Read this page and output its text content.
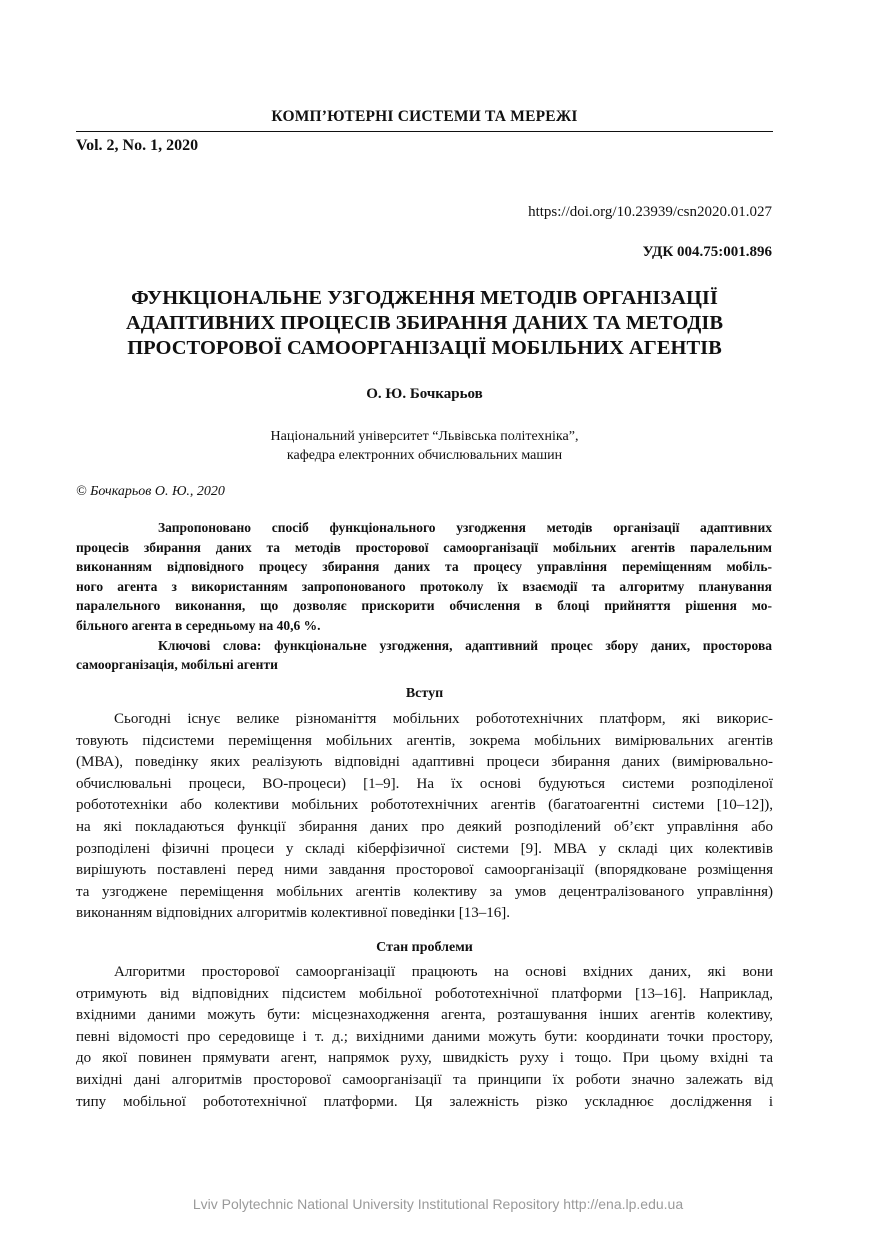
КОМП’ЮТЕРНІ СИСТЕМИ ТА МЕРЕЖІ
Vol. 2, No. 1, 2020
https://doi.org/10.23939/csn2020.01.027
УДК 004.75:001.896
ФУНКЦІОНАЛЬНЕ УЗГОДЖЕННЯ МЕТОДІВ ОРГАНІЗАЦІЇ
АДАПТИВНИХ ПРОЦЕСІВ ЗБИРАННЯ ДАНИХ ТА МЕТОДІВ
ПРОСТОРОВОЇ САМООРГАНІЗАЦІЇ МОБІЛЬНИХ АГЕНТІВ
О. Ю. Бочкарьов
Національний університет “Львівська політехніка”,
кафедра електронних обчислювальних машин
© Бочкарьов О. Ю., 2020
Запропоновано спосіб функціонального узгодження методів організації адаптивних
процесів збирання даних та методів просторової самоорганізації мобільних агентів паралельним
виконанням відповідного процесу збирання даних та процесу управління переміщенням мобіль-
ного агента з використанням запропонованого протоколу їх взаємодії та алгоритму планування
паралельного виконання, що дозволяє прискорити обчислення в блоці прийняття рішення мо-
більного агента в середньому на 40,6 %.
Ключові слова: функціональне узгодження, адаптивний процес збору даних, просторова
самоорганізація, мобільні агенти
Вступ
Сьогодні існує велике різноманіття мобільних робототехнічних платформ, які викорис-
товують підсистеми переміщення мобільних агентів, зокрема мобільних вимірювальних агентів
(МВА), поведінку яких реалізують відповідні адаптивні процеси збирання даних (вимірювально-
обчислювальні процеси, ВО-процеси) [1–9]. На їх основі будуються системи розподіленої
робототехніки або колективи мобільних робототехнічних агентів (багатоагентні системи [10–12]),
на які покладаються функції збирання даних про деякий розподілений об’єкт управління або
розподілені фізичні процеси у складі кіберфізичної системи [9]. МВА у складі цих колективів
вирішують поставлені перед ними завдання просторової самоорганізації (впорядковане розміщення
та узгоджене переміщення мобільних агентів колективу за умов децентралізованого управління)
виконанням відповідних алгоритмів колективної поведінки [13–16].
Стан проблеми
Алгоритми просторової самоорганізації працюють на основі вхідних даних, які вони
отримують від відповідних підсистем мобільної робототехнічної платформи [13–16]. Наприклад,
вхідними даними можуть бути: місцезнаходження агента, розташування інших агентів колективу,
певні відомості про середовище і т. д.; вихідними даними можуть бути: координати точки простору,
до якої повинен прямувати агент, напрямок руху, швидкість руху і тощо. При цьому вхідні та
вихідні дані алгоритмів просторової самоорганізації та принципи їх роботи значно залежать від
типу мобільної робототехнічної платформи. Ця залежність різко ускладнює дослідження і
Lviv Polytechnic National University Institutional Repository http://ena.lp.edu.ua
